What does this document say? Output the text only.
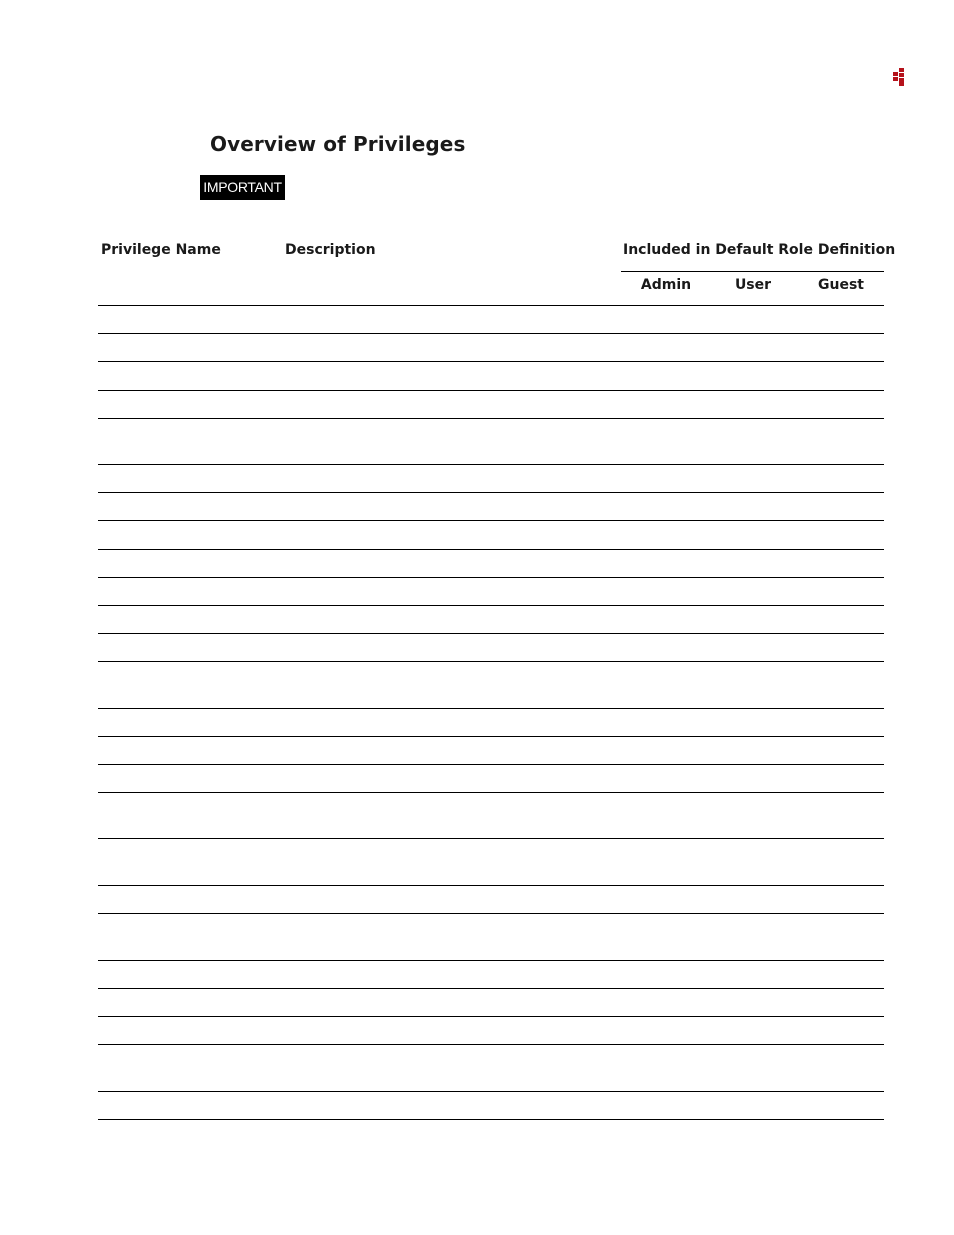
Overview of Privileges
IMPORTANT
Privilege Name	Description	Included in Default Role Definition
Admin	User	Guest
